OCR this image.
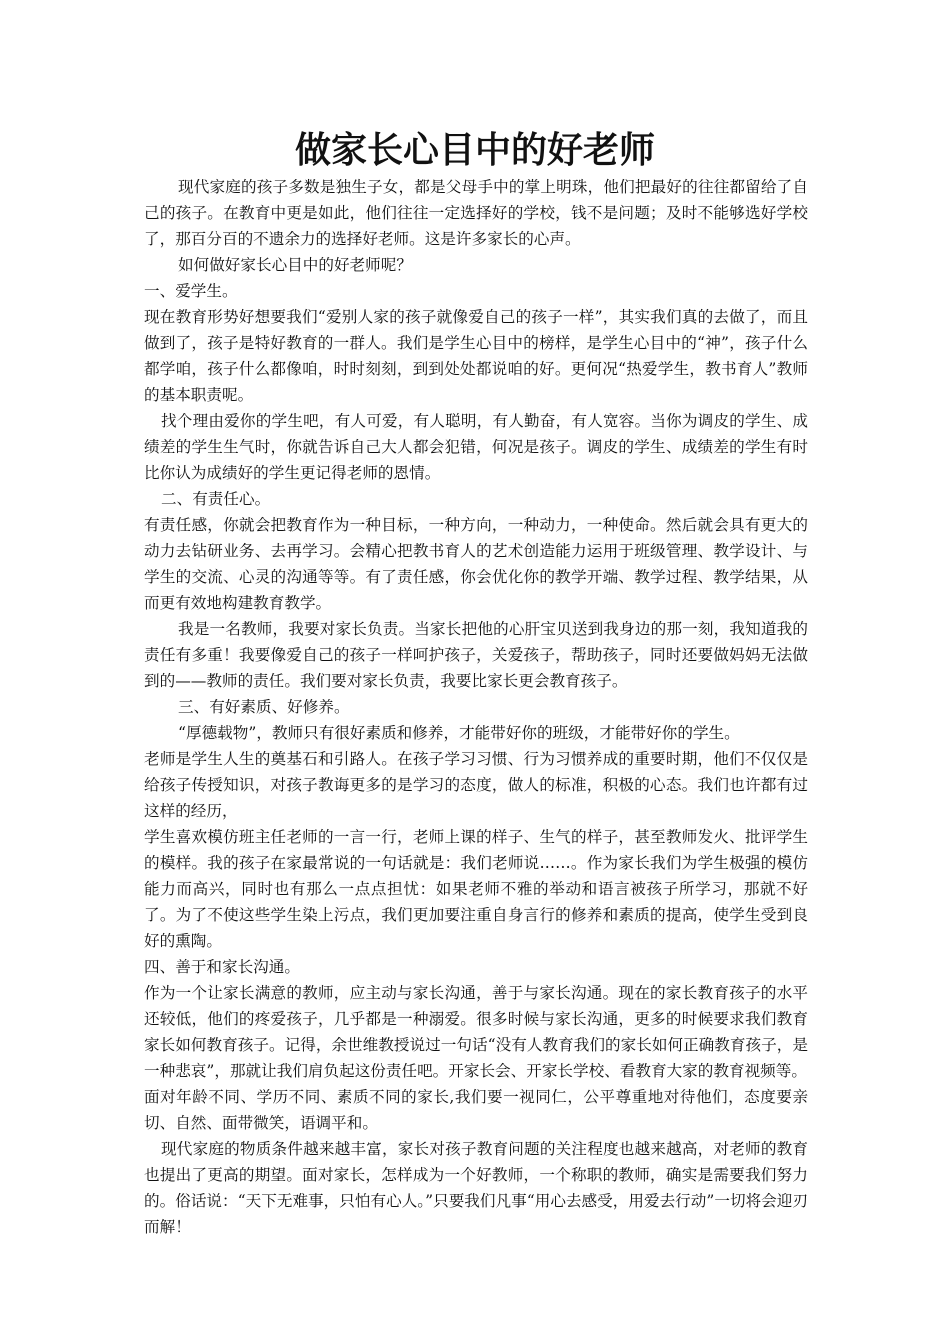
做家长心目中的好老师

现代家庭的孩子多数是独生子女，都是父母手中的掌上明珠，他们把最好的往往都留给了自己的孩子。在教育中更是如此，他们往往一定选择好的学校，钱不是问题；及时不能够选好学校了，那百分百的不遗余力的选择好老师。这是许多家长的心声。

如何做好家长心目中的好老师呢？

一、爱学生。

现在教育形势好想要我们“爱别人家的孩子就像爱自己的孩子一样”，其实我们真的去做了，而且做到了，孩子是特好教育的一群人。我们是学生心目中的榜样，是学生心目中的“神”，孩子什么都学咱，孩子什么都像咱，时时刻刻，到到处处都说咱的好。更何况“热爱学生，教书育人”教师的基本职责呢。

找个理由爱你的学生吧，有人可爱，有人聪明，有人勤奋，有人宽容。当你为调皮的学生、成绩差的学生生气时，你就告诉自己大人都会犯错，何况是孩子。调皮的学生、成绩差的学生有时比你认为成绩好的学生更记得老师的恩情。

二、有责任心。

有责任感，你就会把教育作为一种目标，一种方向，一种动力，一种使命。然后就会具有更大的动力去钻研业务、去再学习。会精心把教书育人的艺术创造能力运用于班级管理、教学设计、与学生的交流、心灵的沟通等等。有了责任感，你会优化你的教学开端、教学过程、教学结果，从而更有效地构建教育教学。

我是一名教师，我要对家长负责。当家长把他的心肝宝贝送到我身边的那一刻，我知道我的责任有多重！我要像爱自己的孩子一样呵护孩子，关爱孩子，帮助孩子，同时还要做妈妈无法做到的——教师的责任。我们要对家长负责，我要比家长更会教育孩子。

三、有好素质、好修养。

“厚德载物”，教师只有很好素质和修养，才能带好你的班级，才能带好你的学生。

老师是学生人生的奠基石和引路人。在孩子学习习惯、行为习惯养成的重要时期，他们不仅仅是给孩子传授知识，对孩子教诲更多的是学习的态度，做人的标准，积极的心态。我们也许都有过这样的经历，

学生喜欢模仿班主任老师的一言一行，老师上课的样子、生气的样子，甚至教师发火、批评学生的模样。我的孩子在家最常说的一句话就是：我们老师说……。作为家长我们为学生极强的模仿能力而高兴，同时也有那么一点点担忧：如果老师不雅的举动和语言被孩子所学习，那就不好了。为了不使这些学生染上污点，我们更加要注重自身言行的修养和素质的提高，使学生受到良好的熏陶。

四、善于和家长沟通。

作为一个让家长满意的教师，应主动与家长沟通，善于与家长沟通。现在的家长教育孩子的水平还较低，他们的疼爱孩子，几乎都是一种溺爱。很多时候与家长沟通，更多的时候要求我们教育家长如何教育孩子。记得，余世维教授说过一句话“没有人教育我们的家长如何正确教育孩子，是一种悲哀”，那就让我们肩负起这份责任吧。开家长会、开家长学校、看教育大家的教育视频等。

面对年龄不同、学历不同、素质不同的家长,我们要一视同仁，公平尊重地对待他们，态度要亲切、自然、面带微笑，语调平和。

现代家庭的物质条件越来越丰富，家长对孩子教育问题的关注程度也越来越高，对老师的教育也提出了更高的期望。面对家长，怎样成为一个好教师，一个称职的教师，确实是需要我们努力的。俗话说：“天下无难事，只怕有心人。”只要我们凡事“用心去感受，用爱去行动”一切将会迎刃而解！
